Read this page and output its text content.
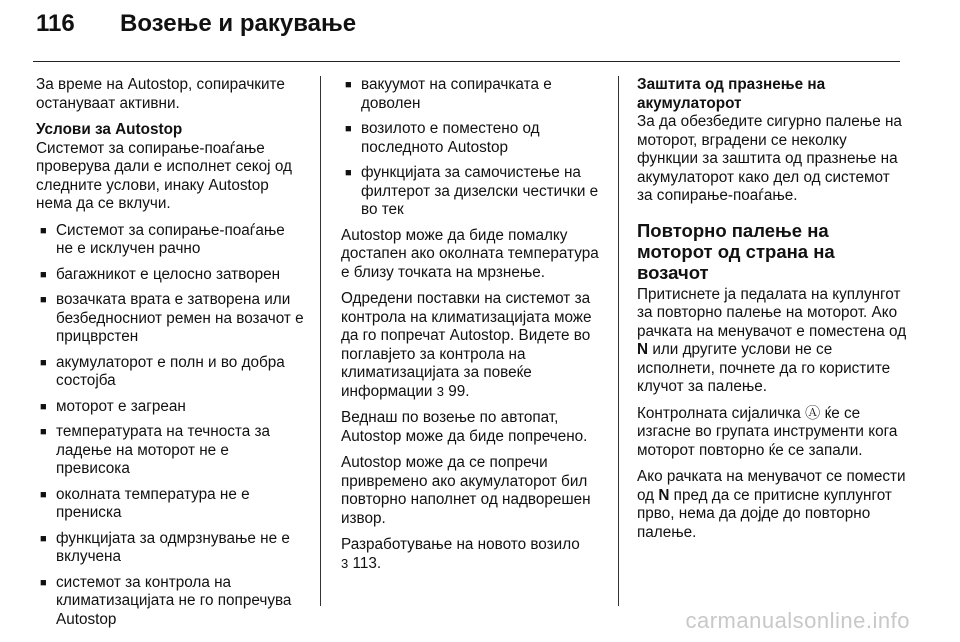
116	Возење и ракување

За време на Autostop, сопирачките остануваат активни.

Услови за Autostop

Системот за сопирање-поаѓање проверува дали е исполнет секој од следните услови, инаку Autostop нема да се вклучи.

■ Системот за сопирање-поаѓање не е исклучен рачно
■ багажникот е целосно затворен
■ возачката врата е затворена или безбедносниот ремен на возачот е прицврстен
■ акумулаторот е полн и во добра состојба
■ моторот е загреан
■ температурата на течноста за ладење на моторот не е превисока
■ околната температура не е прениска
■ функцијата за одмрзнување не е вклучена
■ системот за контрола на климатизацијата не го попречува Autostop
■ вакуумот на сопирачката е доволен
■ возилото е поместено од последното Autostop
■ функцијата за самочистење на филтерот за дизелски честички е во тек

Autostop може да биде помалку достапен ако околната температура е близу точката на мрзнење.

Одредени поставки на системот за контрола на климатизацијата може да го попречат Autostop. Видете во поглавјето за контрола на климатизацијата за повеќе информации 3 99.

Веднаш по возење по автопат, Autostop може да биде попречено.

Autostop може да се попречи привремено ако акумулаторот бил повторно наполнет од надворешен извор.

Разработување на новото возило
3 113.

Заштита од празнење на акумулаторот

За да обезбедите сигурно палење на моторот, вградени се неколку функции за заштита од празнење на акумулаторот како дел од системот за сопирање-поаѓање.

Повторно палење на моторот од страна на возачот

Притиснете ја педалата на куплунгот за повторно палење на моторот. Ако рачката на менувачот е поместена од N или другите услови не се исполнети, почнете да го користите клучот за палење.

Контролната сијаличка Ⓐ ќе се изгасне во групата инструменти кога моторот повторно ќе се запали.

Ако рачката на менувачот се помести од N пред да се притисне куплунгот прво, нема да дојде до повторно палење.

carmanualsonline.info
